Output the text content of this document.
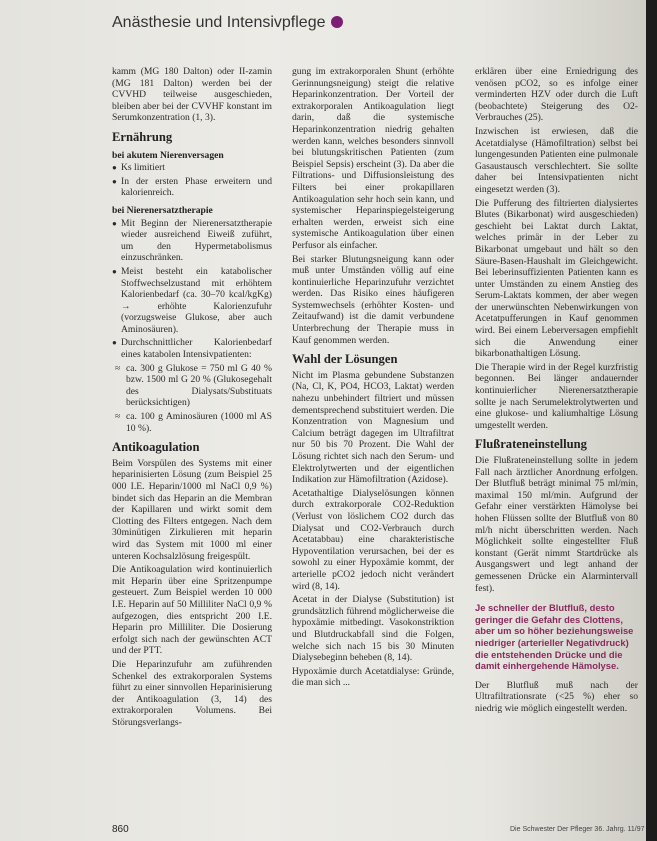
Anästhesie und Intensivpflege

kamm (MG 180 Dalton) oder II-zamin (MG 181 Dalton) werden bei der CVVHD teilweise ausgeschieden, bleiben aber bei der CVVHF konstant im Serumkonzentration (1, 3).

Ernährung
bei akutem Nierenversagen

● Ks limitiert

● In der ersten Phase erweitern und kalorienreich.

bei Nierenersatztherapie

● Mit Beginn der Nierenersatztherapie wieder ausreichend Eiweiß zuführt, um den Hypermetabolismus einzuschränken.

● Meist besteht ein katabolischer Stoffwechselzustand mit erhöhtem Kalorienbedarf (ca. 30–70 kcal/kgKg) → erhöhte Kalorienzufuhr (vorzugsweise Glukose, aber auch Aminosäuren).

● Durchschnittlicher Kalorienbedarf eines katabolen Intensivpatienten:

≈ ca. 300 g Glukose = 750 ml G 40 % bzw. 1500 ml G 20 % (Glukosegehalt des Dialysats/Substituats berücksichtigen)

≈ ca. 100 g Aminosäuren (1000 ml AS 10 %).

Antikoagulation

Beim Vorspülen des Systems mit einer heparinisierten Lösung (zum Beispiel 25 000 I.E. Heparin/1000 ml NaCl 0,9 %) bindet sich das Heparin an die Membran der Kapillaren und wirkt somit dem Clotting des Filters entgegen. Nach dem 30minütigen Zirkulieren mit heparin wird das System mit 1000 ml einer unteren Kochsalzlösung freigespült.

Die Antikoagulation wird kontinuierlich mit Heparin über eine Spritzenpumpe gesteuert. Zum Beispiel werden 10 000 I.E. Heparin auf 50 Milliliter NaCl 0,9 % aufgezogen, dies entspricht 200 I.E. Heparin pro Milliliter. Die Dosierung erfolgt sich nach der gewünschten ACT und der PTT.

Die Heparinzufuhr am zuführenden Schenkel des extrakorporalen Systems führt zu einer sinnvollen Heparinisierung der Antikoagulation (3, 14) des extrakorporalen Volumens. Bei Störungsverlangs-

gung im extrakorporalen Shunt (erhöhte Gerinnungsneigung) steigt die relative Heparinkonzentration. Der Vorteil der extrakorporalen Antikoagulation liegt darin, daß die systemische Heparinkonzentration niedrig gehalten werden kann, welches besonders sinnvoll bei blutungskritischen Patienten (zum Beispiel Sepsis) erscheint (3). Da aber die Filtrations- und Diffusionsleistung des Filters bei einer prokapillaren Antikoagulation sehr hoch sein kann, und systemischer Heparinspiegelsteigerung erhalten werden, erweist sich eine systemische Antikoagulation über einen Perfusor als einfacher.

Bei starker Blutungsneigung kann oder muß unter Umständen völlig auf eine kontinuierliche Heparinzufuhr verzichtet werden. Das Risiko eines häufigeren Systemwechsels (erhöhter Kosten- und Zeitaufwand) ist die damit verbundene Unterbrechung der Therapie muss in Kauf genommen werden.

Wahl der Lösungen

Nicht im Plasma gebundene Substanzen (Na, Cl, K, PO4, HCO3, Laktat) werden nahezu unbehindert filtriert und müssen dementsprechend substituiert werden. Die Konzentration von Magnesium und Calcium beträgt dagegen im Ultrafiltrat nur 50 bis 70 Prozent. Die Wahl der Lösung richtet sich nach den Serum- und Elektrolytwerten und der eigentlichen Indikation zur Hämofiltration (Azidose).

Acetathaltige Dialyselösungen können durch extrakorporale CO2-Reduktion (Verlust von löslichem CO2 durch das Dialysat und CO2-Verbrauch durch Acetatabbau) eine charakteristische Hypoventilation verursachen, bei der es sowohl zu einer Hypoxämie kommt, der arterielle pCO2 jedoch nicht verändert wird (8, 14).

Acetat in der Dialyse (Substitution) ist grundsätzlich führend möglicherweise die hypoxämie mitbedingt. Vasokonstriktion und Blutdruckabfall sind die Folgen, welche sich nach 15 bis 30 Minuten Dialysebeginn beheben (8, 14).

Hypoxämie durch Acetatdialyse: Gründe, die man sich ...

erklären über eine Erniedrigung des venösen pCO2, so es infolge einer verminderten HZV oder durch die Luft (beobachtete) Steigerung des O2-Verbrauches (25).

Inzwischen ist erwiesen, daß die Acetatdialyse (Hämofiltration) selbst bei lungengesunden Patienten eine pulmonale Gasaustausch verschlechtert. Sie sollte daher bei Intensivpatienten nicht eingesetzt werden (3).

Die Pufferung des filtrierten dialysiertes Blutes (Bikarbonat) wird ausgeschieden) geschieht bei Laktat durch Laktat, welches primär in der Leber zu Bikarbonat umgebaut und hält so den Säure-Basen-Haushalt im Gleichgewicht. Bei leberinsuffizienten Patienten kann es unter Umständen zu einem Anstieg des Serum-Laktats kommen, der aber wegen der unerwünschten Nebenwirkungen von Acetatpufferungen in Kauf genommen wird. Bei einem Leberversagen empfiehlt sich die Anwendung einer bikarbonathaltigen Lösung.

Die Therapie wird in der Regel kurzfristig begonnen. Bei länger andauernder kontinuierlicher Nierenersatztherapie sollte je nach Serumelektrolytwerten und eine glukose- und kaliumhaltige Lösung umgestellt werden.

Flußrateneinstellung

Die Flußrateneinstellung sollte in jedem Fall nach ärztlicher Anordnung erfolgen. Der Blutfluß beträgt minimal 75 ml/min, maximal 150 ml/min. Aufgrund der Gefahr einer verstärkten Hämolyse bei hohen Flüssen sollte der Blutfluß von 80 ml/h nicht überschritten werden. Nach Möglichkeit sollte eingestellter Fluß konstant (Gerät nimmt Startdrücke als Ausgangswert und legt anhand der gemessenen Drücke ein Alarmintervall fest).

Je schneller der Blutfluß, desto geringer die Gefahr des Clottens, aber um so höher beziehungsweise niedriger (arterieller Negativdruck) die entstehenden Drücke und die damit einhergehende Hämolyse.

Der Blutfluß muß nach der Ultrafiltrationsrate (<25 %) eher so niedrig wie möglich eingestellt werden.

860	Die Schwester Der Pfleger 36. Jahrg. 11/97
